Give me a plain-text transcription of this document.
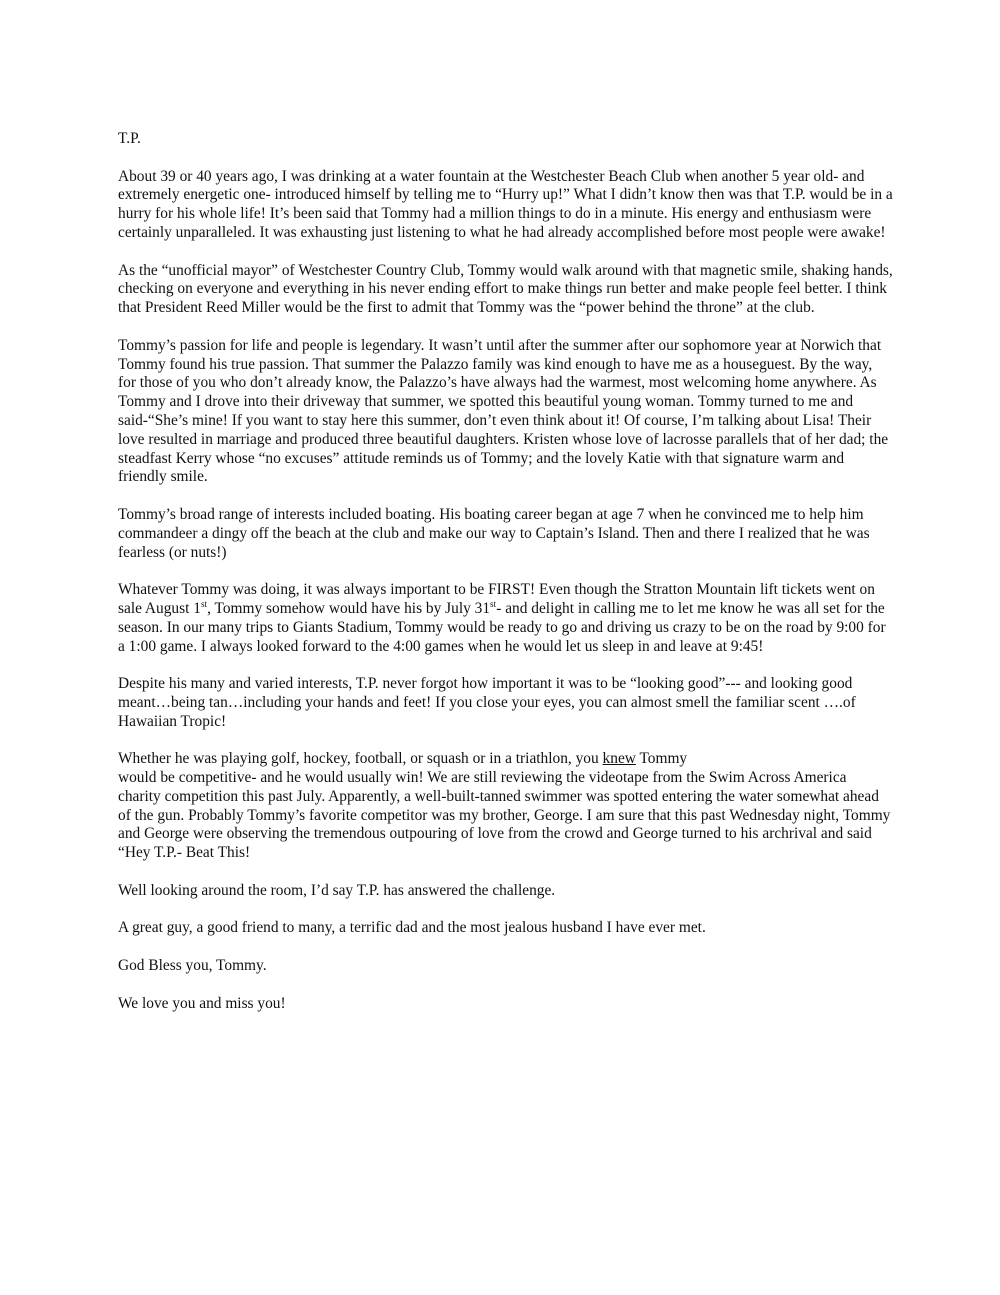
T.P.

About 39 or 40 years ago, I was drinking at a water fountain at the Westchester Beach Club when another 5 year old- and extremely energetic one- introduced himself by telling me to “Hurry up!” What I didn’t know then was that T.P. would be in a hurry for his whole life! It’s been said that Tommy had a million things to do in a minute. His energy and enthusiasm were certainly unparalleled. It was exhausting just listening to what he had already accomplished before most people were awake!

As the “unofficial mayor” of Westchester Country Club, Tommy would walk around with that magnetic smile, shaking hands, checking on everyone and everything in his never ending effort to make things run better and make people feel better. I think that President Reed Miller would be the first to admit that Tommy was the “power behind the throne” at the club.

Tommy’s passion for life and people is legendary. It wasn’t until after the summer after our sophomore year at Norwich that Tommy found his true passion. That summer the Palazzo family was kind enough to have me as a houseguest. By the way, for those of you who don’t already know, the Palazzo’s have always had the warmest, most welcoming home anywhere. As Tommy and I drove into their driveway that summer, we spotted this beautiful young woman. Tommy turned to me and said-“She’s mine! If you want to stay here this summer, don’t even think about it! Of course, I’m talking about Lisa! Their love resulted in marriage and produced three beautiful daughters. Kristen whose love of lacrosse parallels that of her dad; the steadfast Kerry whose “no excuses” attitude reminds us of Tommy; and the lovely Katie with that signature warm and friendly smile.

Tommy’s broad range of interests included boating. His boating career began at age 7 when he convinced me to help him commandeer a dingy off the beach at the club and make our way to Captain’s Island. Then and there I realized that he was fearless (or nuts!)

Whatever Tommy was doing, it was always important to be FIRST! Even though the Stratton Mountain lift tickets went on sale August 1st, Tommy somehow would have his by July 31st- and delight in calling me to let me know he was all set for the season. In our many trips to Giants Stadium, Tommy would be ready to go and driving us crazy to be on the road by 9:00 for a 1:00 game. I always looked forward to the 4:00 games when he would let us sleep in and leave at 9:45!

Despite his many and varied interests, T.P. never forgot how important it was to be “looking good”--- and looking good meant…being tan…including your hands and feet! If you close your eyes, you can almost smell the familiar scent ….of Hawaiian Tropic!

Whether he was playing golf, hockey, football, or squash or in a triathlon, you knew Tommy
would be competitive- and he would usually win! We are still reviewing the videotape from the Swim Across America charity competition this past July. Apparently, a well-built-tanned swimmer was spotted entering the water somewhat ahead of the gun. Probably Tommy’s favorite competitor was my brother, George. I am sure that this past Wednesday night, Tommy and George were observing the tremendous outpouring of love from the crowd and George turned to his archrival and said “Hey T.P.- Beat This!

Well looking around the room, I’d say T.P. has answered the challenge.

A great guy, a good friend to many, a terrific dad and the most jealous husband I have ever met.

God Bless you, Tommy.

We love you and miss you!
